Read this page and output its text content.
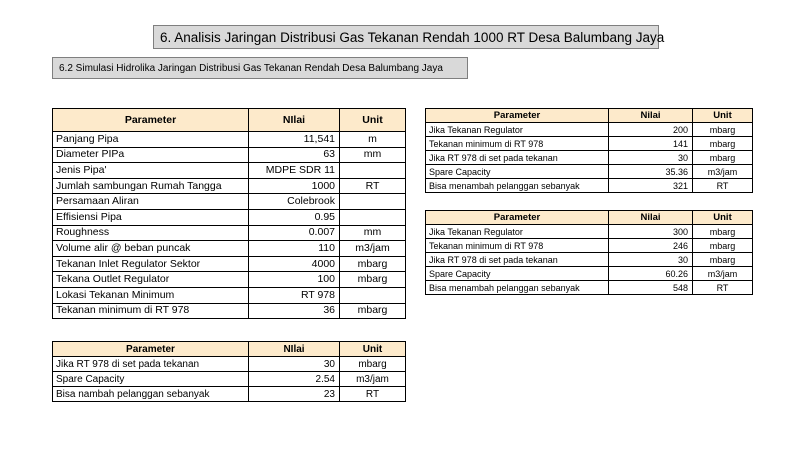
6. Analisis Jaringan Distribusi Gas Tekanan Rendah 1000 RT Desa Balumbang Jaya
6.2 Simulasi Hidrolika Jaringan Distribusi Gas Tekanan Rendah Desa Balumbang Jaya
Parameter	NIlai	Unit
Panjang Pipa	11,541	m
Diameter PIPa	63	mm
Jenis Pipa'	MDPE SDR 11	
Jumlah sambungan Rumah Tangga	1000	RT
Persamaan Aliran	Colebrook	
Effisiensi Pipa	0.95	
Roughness	0.007	mm
Volume alir @ beban puncak	110	m3/jam
Tekanan Inlet Regulator Sektor	4000	mbarg
Tekana Outlet Regulator	100	mbarg
Lokasi Tekanan Minimum	RT 978	
Tekanan minimum di RT 978	36	mbarg
Parameter	NIlai	Unit
Jika RT 978 di set pada tekanan	30	mbarg
Spare Capacity	2.54	m3/jam
Bisa nambah pelanggan sebanyak	23	RT
Parameter	Nilai	Unit
Jika Tekanan Regulator	200	mbarg
Tekanan minimum di RT 978	141	mbarg
Jika RT 978 di set pada tekanan	30	mbarg
Spare Capacity	35.36	m3/jam
Bisa menambah pelanggan sebanyak	321	RT
Parameter	Nilai	Unit
Jika Tekanan Regulator	300	mbarg
Tekanan minimum di RT 978	246	mbarg
Jika RT 978 di set pada tekanan	30	mbarg
Spare Capacity	60.26	m3/jam
Bisa menambah pelanggan sebanyak	548	RT
